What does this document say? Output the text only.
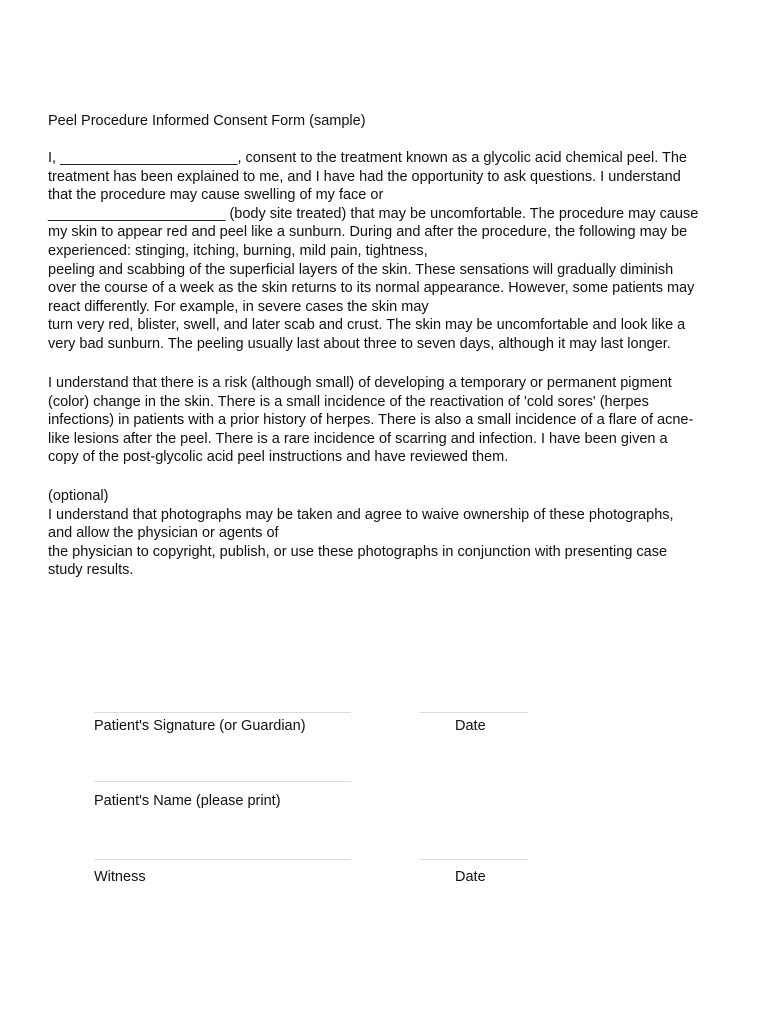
Peel Procedure Informed Consent Form (sample)

I, ______________________, consent to the treatment known as a glycolic acid chemical peel. The
treatment has been explained to me, and I have had the opportunity to ask questions. I understand
that the procedure may cause swelling of my face or
______________________ (body site treated) that may be uncomfortable. The procedure may cause
my skin to appear red and peel like a sunburn. During and after the procedure, the following may be
experienced: stinging, itching, burning, mild pain, tightness,
peeling and scabbing of the superficial layers of the skin. These sensations will gradually diminish
over the course of a week as the skin returns to its normal appearance. However, some patients may
react differently. For example, in severe cases the skin may
turn very red, blister, swell, and later scab and crust. The skin may be uncomfortable and look like a
very bad sunburn. The peeling usually last about three to seven days, although it may last longer.

I understand that there is a risk (although small) of developing a temporary or permanent pigment
(color) change in the skin. There is a small incidence of the reactivation of 'cold sores' (herpes
infections) in patients with a prior history of herpes. There is also a small incidence of a flare of acne-
like lesions after the peel. There is a rare incidence of scarring and infection. I have been given a
copy of the post-glycolic acid peel instructions and have reviewed them.

(optional)
I understand that photographs may be taken and agree to waive ownership of these photographs,
and allow the physician or agents of
the physician to copyright, publish, or use these photographs in conjunction with presenting case
study results.

Patient's Signature (or Guardian)	Date
Patient's Name (please print)
Witness	Date
